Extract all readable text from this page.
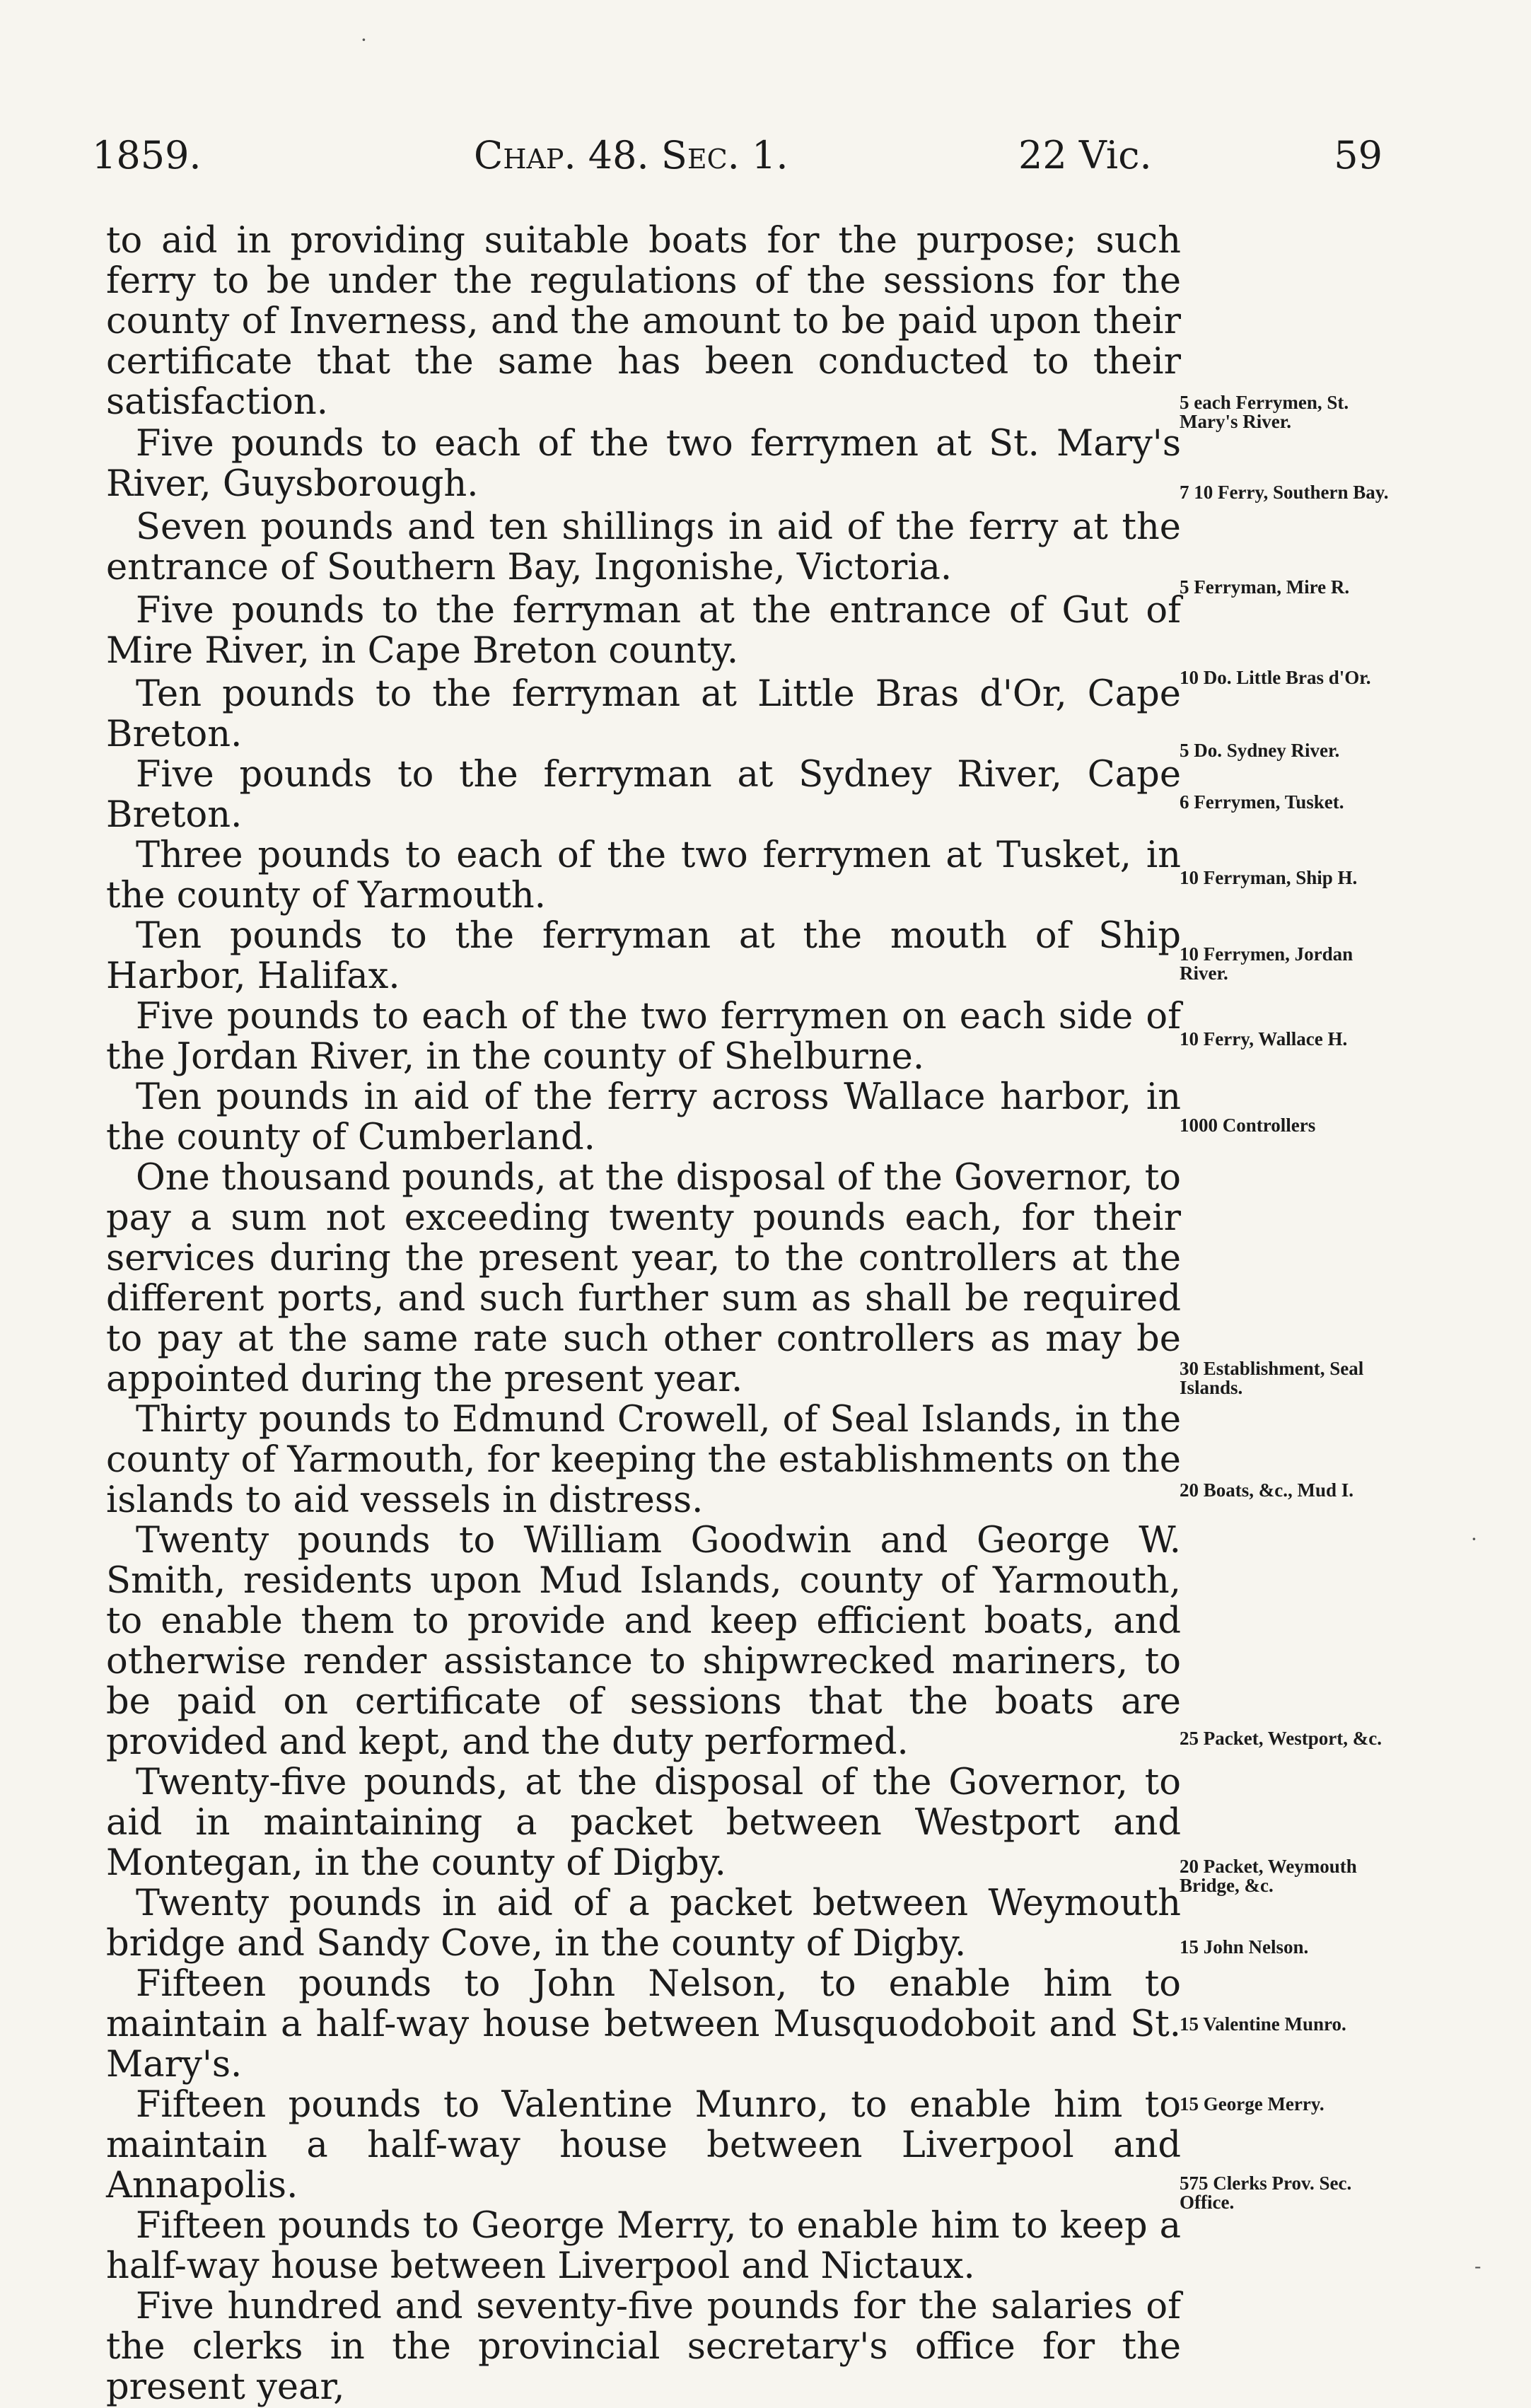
1859.	Chap. 48. Sec. 1.	22 Vic.	59

to aid in providing suitable boats for the purpose; such ferry to be under the regulations of the sessions for the county of Inverness, and the amount to be paid upon their certificate that the same has been conducted to their satisfaction.

Five pounds to each of the two ferrymen at St. Mary's River, Guysborough.

Seven pounds and ten shillings in aid of the ferry at the entrance of Southern Bay, Ingonishe, Victoria.

Five pounds to the ferryman at the entrance of Gut of Mire River, in Cape Breton county.

Ten pounds to the ferryman at Little Bras d'Or, Cape Breton.

Five pounds to the ferryman at Sydney River, Cape Breton.

Three pounds to each of the two ferrymen at Tusket, in the county of Yarmouth.

Ten pounds to the ferryman at the mouth of Ship Harbor, Halifax.

Five pounds to each of the two ferrymen on each side of the Jordan River, in the county of Shelburne.

Ten pounds in aid of the ferry across Wallace harbor, in the county of Cumberland.

One thousand pounds, at the disposal of the Governor, to pay a sum not exceeding twenty pounds each, for their services during the present year, to the controllers at the different ports, and such further sum as shall be required to pay at the same rate such other controllers as may be appointed during the present year.

Thirty pounds to Edmund Crowell, of Seal Islands, in the county of Yarmouth, for keeping the establishments on the islands to aid vessels in distress.

Twenty pounds to William Goodwin and George W. Smith, residents upon Mud Islands, county of Yarmouth, to enable them to provide and keep efficient boats, and otherwise render assistance to shipwrecked mariners, to be paid on certificate of sessions that the boats are provided and kept, and the duty performed.

Twenty-five pounds, at the disposal of the Governor, to aid in maintaining a packet between Westport and Montegan, in the county of Digby.

Twenty pounds in aid of a packet between Weymouth bridge and Sandy Cove, in the county of Digby.

Fifteen pounds to John Nelson, to enable him to maintain a half-way house between Musquodoboit and St. Mary's.

Fifteen pounds to Valentine Munro, to enable him to maintain a half-way house between Liverpool and Annapolis.

Fifteen pounds to George Merry, to enable him to keep a half-way house between Liverpool and Nictaux.

Five hundred and seventy-five pounds for the salaries of the clerks in the provincial secretary's office for the present year,

5 each Ferrymen, St. Mary's River.
7 10 Ferry, Southern Bay.
5 Ferryman, Mire R.
10 Do. Little Bras d'Or.
5 Do. Sydney River.
6 Ferrymen, Tusket.
10 Ferryman, Ship H.
10 Ferrymen, Jordan River.
10 Ferry, Wallace H.
1000 Controllers
30 Establishment, Seal Islands.
20 Boats, &c., Mud I.
25 Packet, Westport, &c.
20 Packet, Weymouth Bridge, &c.
15 John Nelson.
15 Valentine Munro.
15 George Merry.
575 Clerks Prov. Sec. Office.
·
·
-
